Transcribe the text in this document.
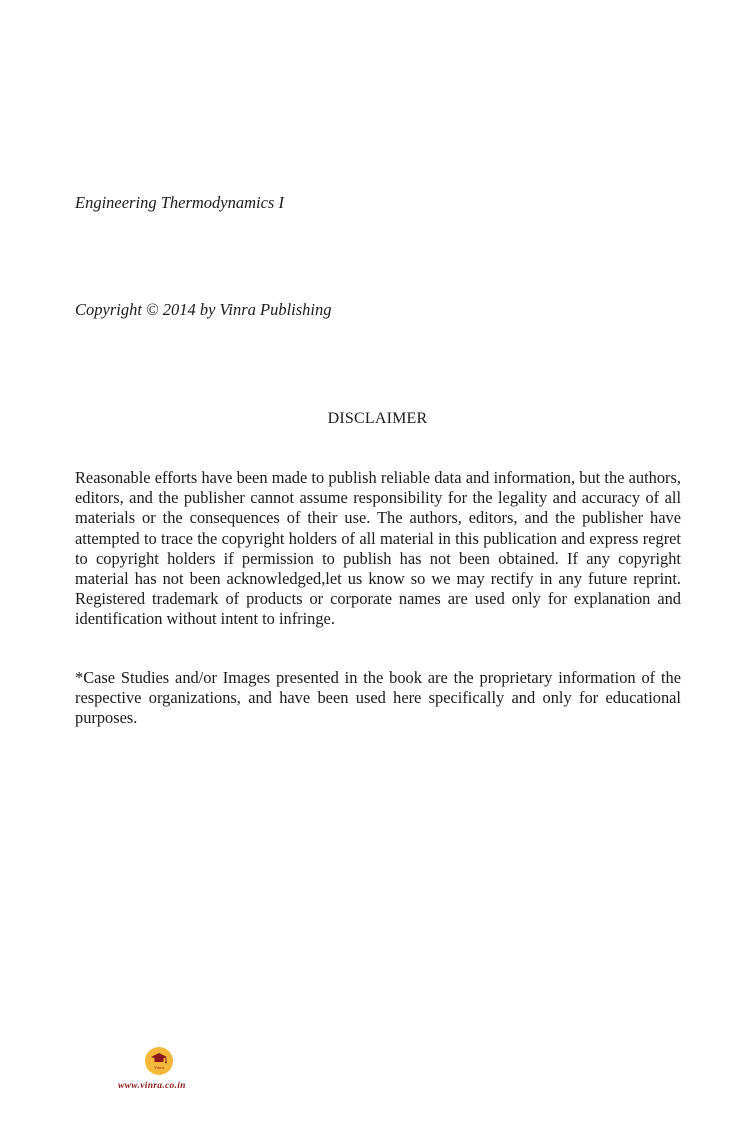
Engineering Thermodynamics I

Copyright © 2014 by Vinra Publishing

DISCLAIMER

Reasonable efforts have been made to publish reliable data and information, but the authors, editors, and the publisher cannot assume responsibility for the legality and accuracy of all materials or the consequences of their use. The authors, editors, and the publisher have attempted to trace the copyright holders of all material in this publication and express regret to copyright holders if permission to publish has not been obtained. If any copyright material has not been acknowledged,let us know so we may rectify in any future reprint. Registered trademark of products or corporate names are used only for explanation and identification without intent to infringe.

*Case Studies and/or Images presented in the book are the proprietary information of the respective organizations, and have been used here specifically and only for educational purposes.

Vinra
www.vinra.co.in
